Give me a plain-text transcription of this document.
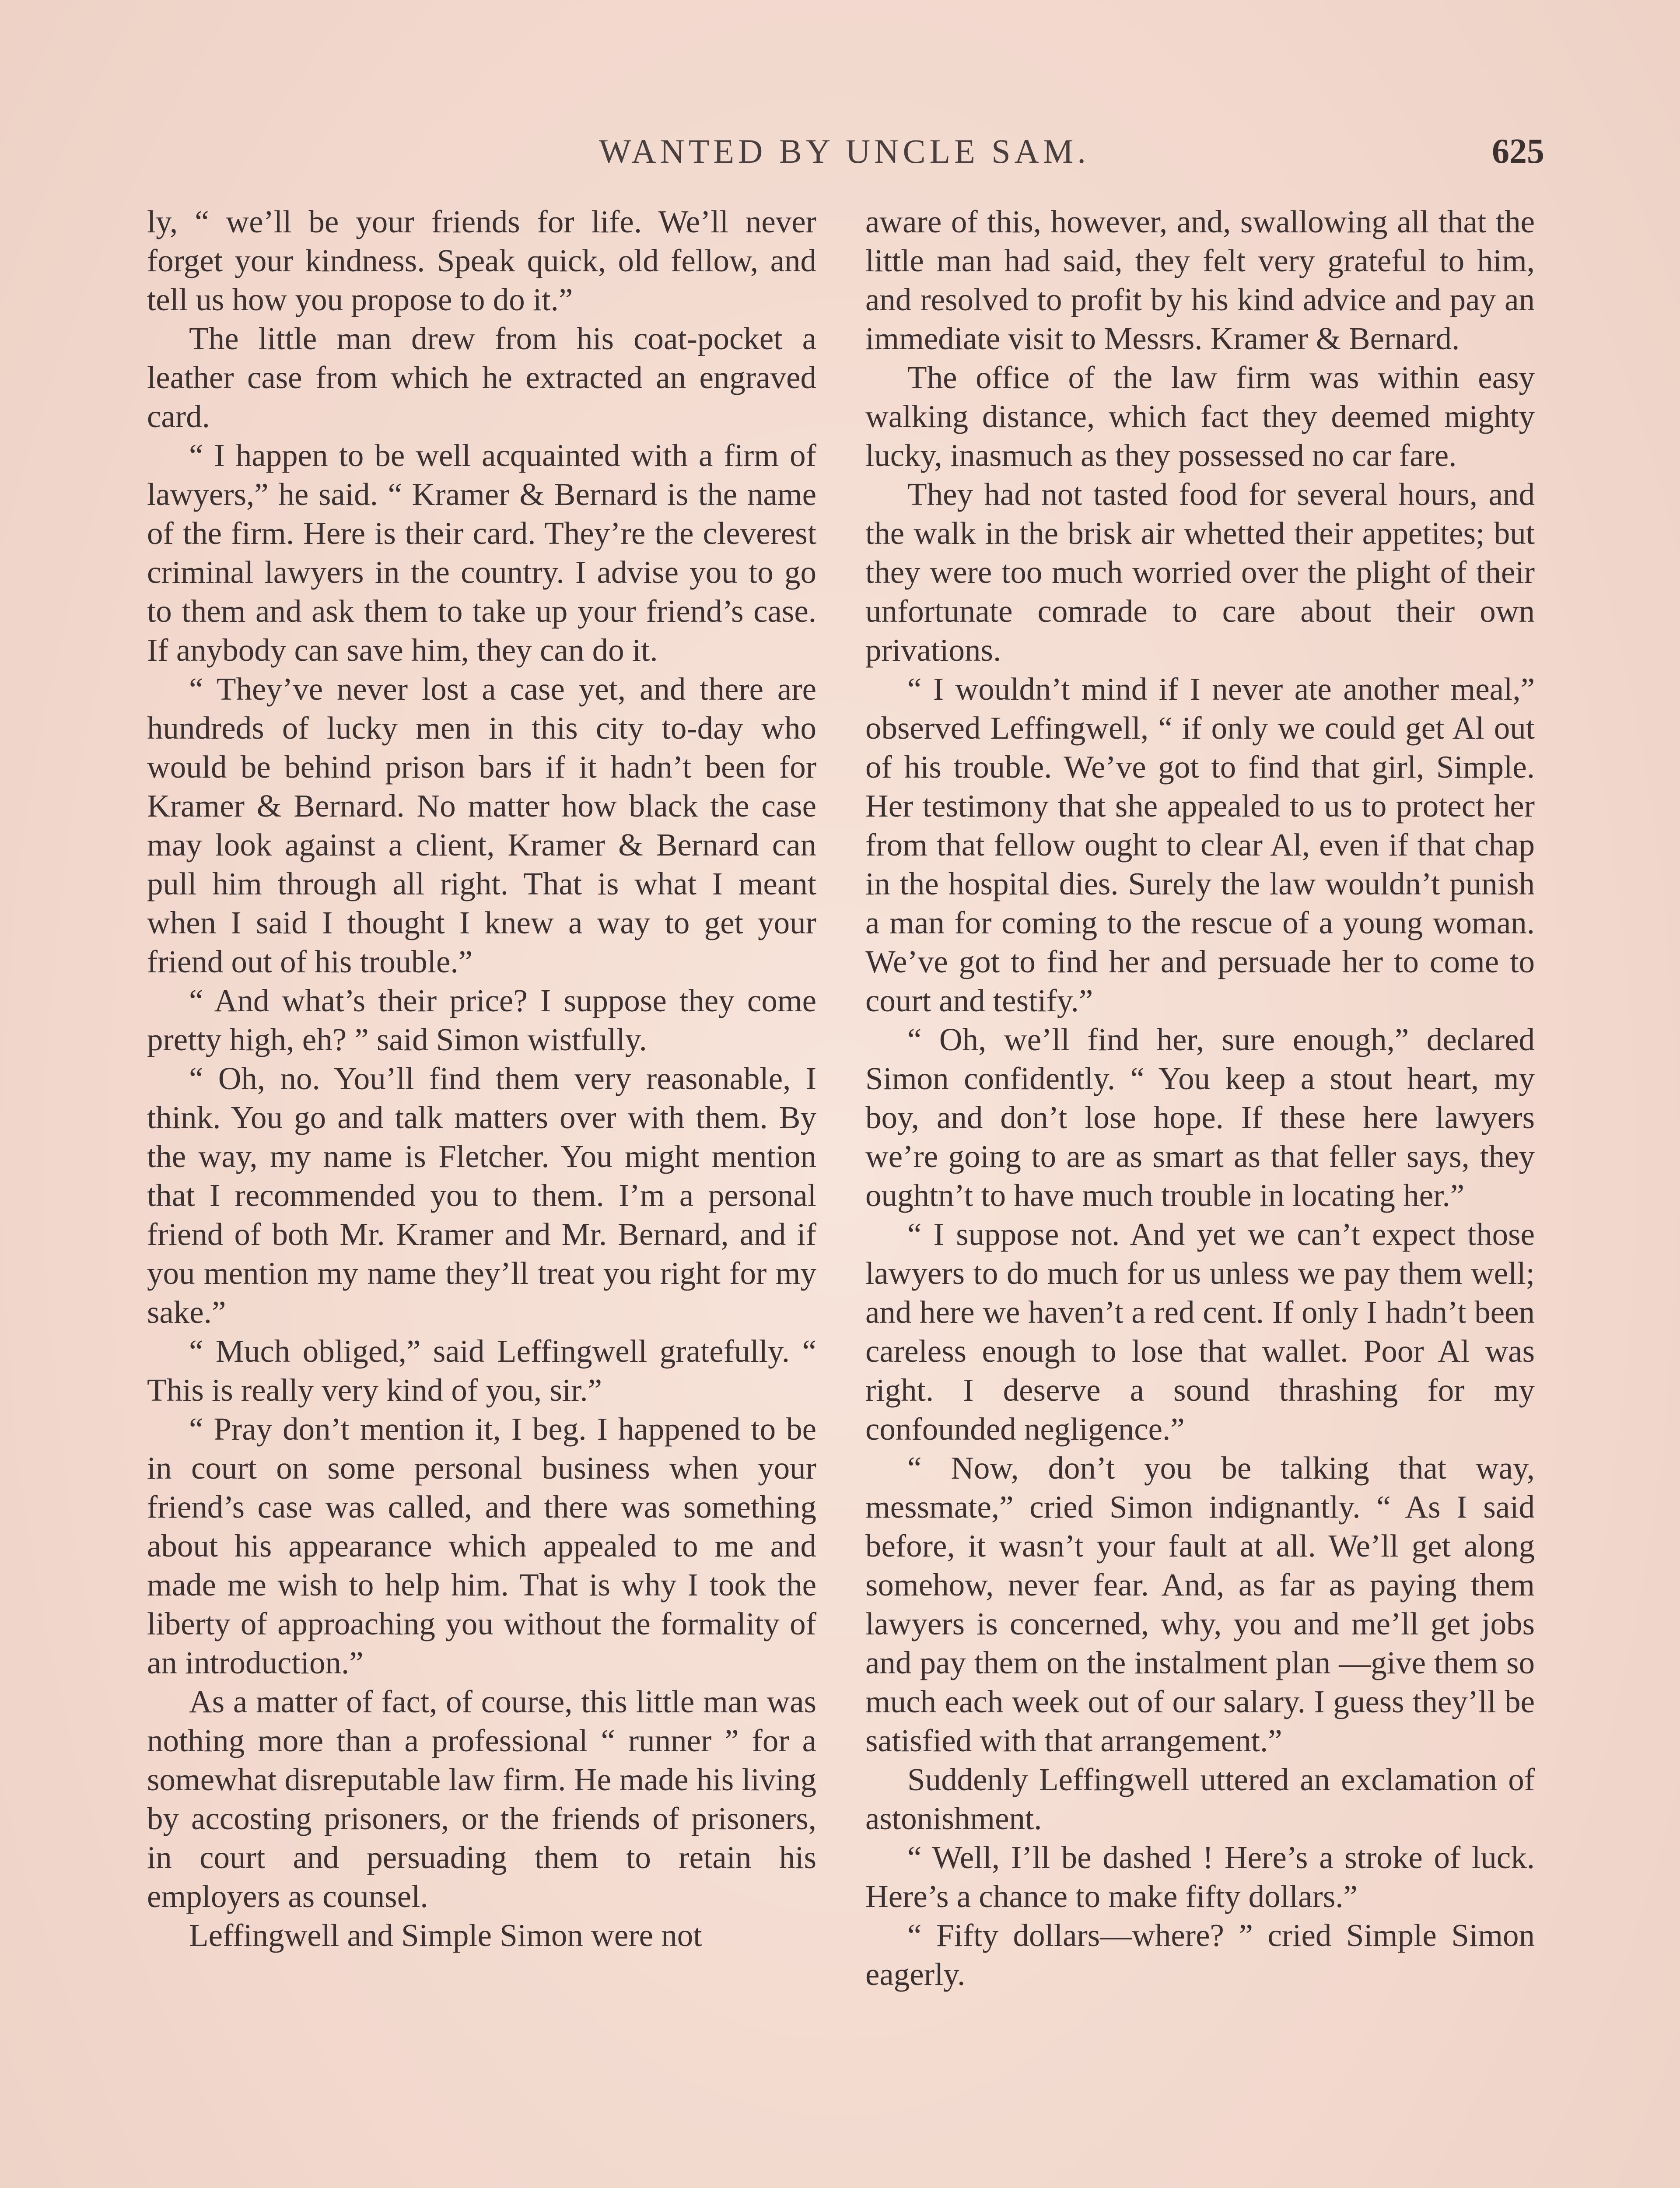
WANTED BY UNCLE SAM.	625

ly, “ we’ll be your friends for life. We’ll never forget your kindness. Speak quick, old fellow, and tell us how you propose to do it.”

The little man drew from his coat-pocket a leather case from which he extracted an engraved card.

“ I happen to be well acquainted with a firm of lawyers,” he said. “ Kramer & Bernard is the name of the firm. Here is their card. They’re the cleverest criminal lawyers in the country. I advise you to go to them and ask them to take up your friend’s case. If anybody can save him, they can do it.

“ They’ve never lost a case yet, and there are hundreds of lucky men in this city to-day who would be behind prison bars if it hadn’t been for Kramer & Bernard. No matter how black the case may look against a client, Kramer & Bernard can pull him through all right. That is what I meant when I said I thought I knew a way to get your friend out of his trouble.”

“ And what’s their price? I suppose they come pretty high, eh? ” said Simon wistfully.

“ Oh, no. You’ll find them very reasonable, I think. You go and talk matters over with them. By the way, my name is Fletcher. You might mention that I recommended you to them. I’m a personal friend of both Mr. Kramer and Mr. Bernard, and if you mention my name they’ll treat you right for my sake.”

“ Much obliged,” said Leffingwell gratefully. “ This is really very kind of you, sir.”

“ Pray don’t mention it, I beg. I happened to be in court on some personal business when your friend’s case was called, and there was something about his appearance which appealed to me and made me wish to help him. That is why I took the liberty of approaching you without the formality of an introduction.”

As a matter of fact, of course, this little man was nothing more than a professional “ runner ” for a somewhat disreputable law firm. He made his living by accosting prisoners, or the friends of prisoners, in court and persuading them to retain his employers as counsel.

Leffingwell and Simple Simon were not

aware of this, however, and, swallowing all that the little man had said, they felt very grateful to him, and resolved to profit by his kind advice and pay an immediate visit to Messrs. Kramer & Bernard.

The office of the law firm was within easy walking distance, which fact they deemed mighty lucky, inasmuch as they possessed no car fare.

They had not tasted food for several hours, and the walk in the brisk air whetted their appetites; but they were too much worried over the plight of their unfortunate comrade to care about their own privations.

“ I wouldn’t mind if I never ate another meal,” observed Leffingwell, “ if only we could get Al out of his trouble. We’ve got to find that girl, Simple. Her testimony that she appealed to us to protect her from that fellow ought to clear Al, even if that chap in the hospital dies. Surely the law wouldn’t punish a man for coming to the rescue of a young woman. We’ve got to find her and persuade her to come to court and testify.”

“ Oh, we’ll find her, sure enough,” declared Simon confidently. “ You keep a stout heart, my boy, and don’t lose hope. If these here lawyers we’re going to are as smart as that feller says, they oughtn’t to have much trouble in locating her.”

“ I suppose not. And yet we can’t expect those lawyers to do much for us unless we pay them well; and here we haven’t a red cent. If only I hadn’t been careless enough to lose that wallet. Poor Al was right. I deserve a sound thrashing for my confounded negligence.”

“ Now, don’t you be talking that way, messmate,” cried Simon indignantly. “ As I said before, it wasn’t your fault at all. We’ll get along somehow, never fear. And, as far as paying them lawyers is concerned, why, you and me’ll get jobs and pay them on the instalment plan —give them so much each week out of our salary. I guess they’ll be satisfied with that arrangement.”

Suddenly Leffingwell uttered an exclamation of astonishment.

“ Well, I’ll be dashed ! Here’s a stroke of luck. Here’s a chance to make fifty dollars.”

“ Fifty dollars—where? ” cried Simple Simon eagerly.
